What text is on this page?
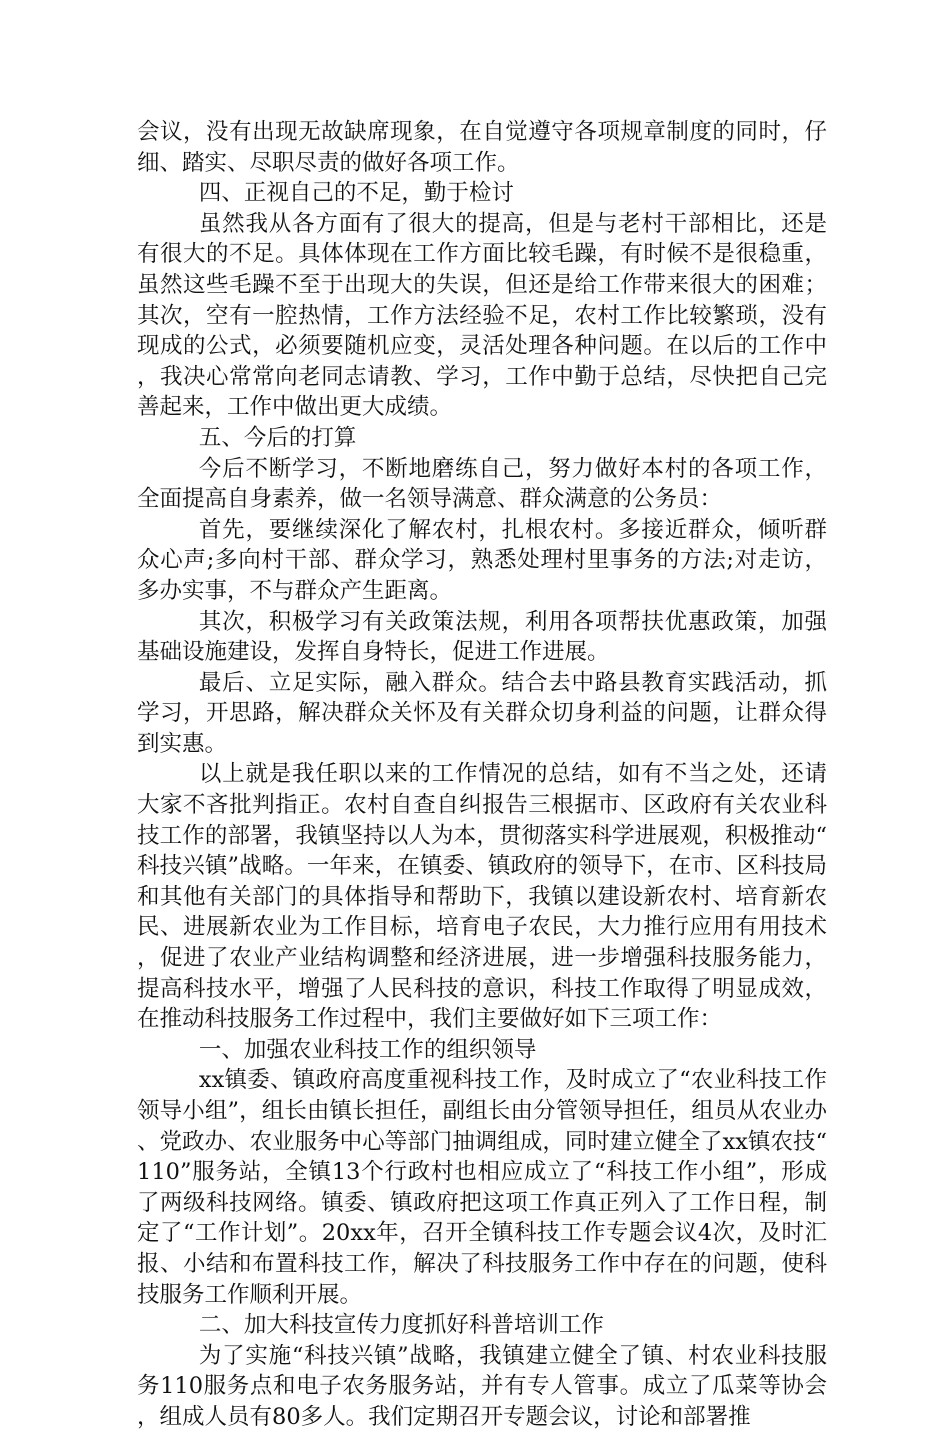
会议，没有出现无故缺席现象，在自觉遵守各项规章制度的同时，仔细、踏实、尽职尽责的做好各项工作。

四、正视自己的不足，勤于检讨

虽然我从各方面有了很大的提高，但是与老村干部相比，还是有很大的不足。具体体现在工作方面比较毛躁，有时候不是很稳重，虽然这些毛躁不至于出现大的失误，但还是给工作带来很大的困难；其次，空有一腔热情，工作方法经验不足，农村工作比较繁琐，没有现成的公式，必须要随机应变，灵活处理各种问题。在以后的工作中，我决心常常向老同志请教、学习，工作中勤于总结，尽快把自己完善起来，工作中做出更大成绩。

五、今后的打算

今后不断学习，不断地磨练自己，努力做好本村的各项工作，全面提高自身素养，做一名领导满意、群众满意的公务员：

首先，要继续深化了解农村，扎根农村。多接近群众，倾听群众心声;多向村干部、群众学习，熟悉处理村里事务的方法;对走访，多办实事，不与群众产生距离。

其次，积极学习有关政策法规，利用各项帮扶优惠政策，加强基础设施建设，发挥自身特长，促进工作进展。

最后、立足实际，融入群众。结合去中路县教育实践活动，抓学习，开思路，解决群众关怀及有关群众切身利益的问题，让群众得到实惠。

以上就是我任职以来的工作情况的总结，如有不当之处，还请大家不吝批判指正。农村自查自纠报告三根据市、区政府有关农业科技工作的部署，我镇坚持以人为本，贯彻落实科学进展观，积极推动“科技兴镇”战略。一年来，在镇委、镇政府的领导下，在市、区科技局和其他有关部门的具体指导和帮助下，我镇以建设新农村、培育新农民、进展新农业为工作目标，培育电子农民，大力推行应用有用技术，促进了农业产业结构调整和经济进展，进一步增强科技服务能力，提高科技水平，增强了人民科技的意识，科技工作取得了明显成效，在推动科技服务工作过程中，我们主要做好如下三项工作：

一、加强农业科技工作的组织领导

xx镇委、镇政府高度重视科技工作，及时成立了“农业科技工作领导小组”，组长由镇长担任，副组长由分管领导担任，组员从农业办、党政办、农业服务中心等部门抽调组成，同时建立健全了xx镇农技“110”服务站，全镇13个行政村也相应成立了“科技工作小组”，形成了两级科技网络。镇委、镇政府把这项工作真正列入了工作日程，制定了“工作计划”。20xx年，召开全镇科技工作专题会议4次，及时汇报、小结和布置科技工作，解决了科技服务工作中存在的问题，使科技服务工作顺利开展。

二、加大科技宣传力度抓好科普培训工作

为了实施“科技兴镇”战略，我镇建立健全了镇、村农业科技服务110服务点和电子农务服务站，并有专人管事。成立了瓜菜等协会，组成人员有80多人。我们定期召开专题会议，讨论和部署推
